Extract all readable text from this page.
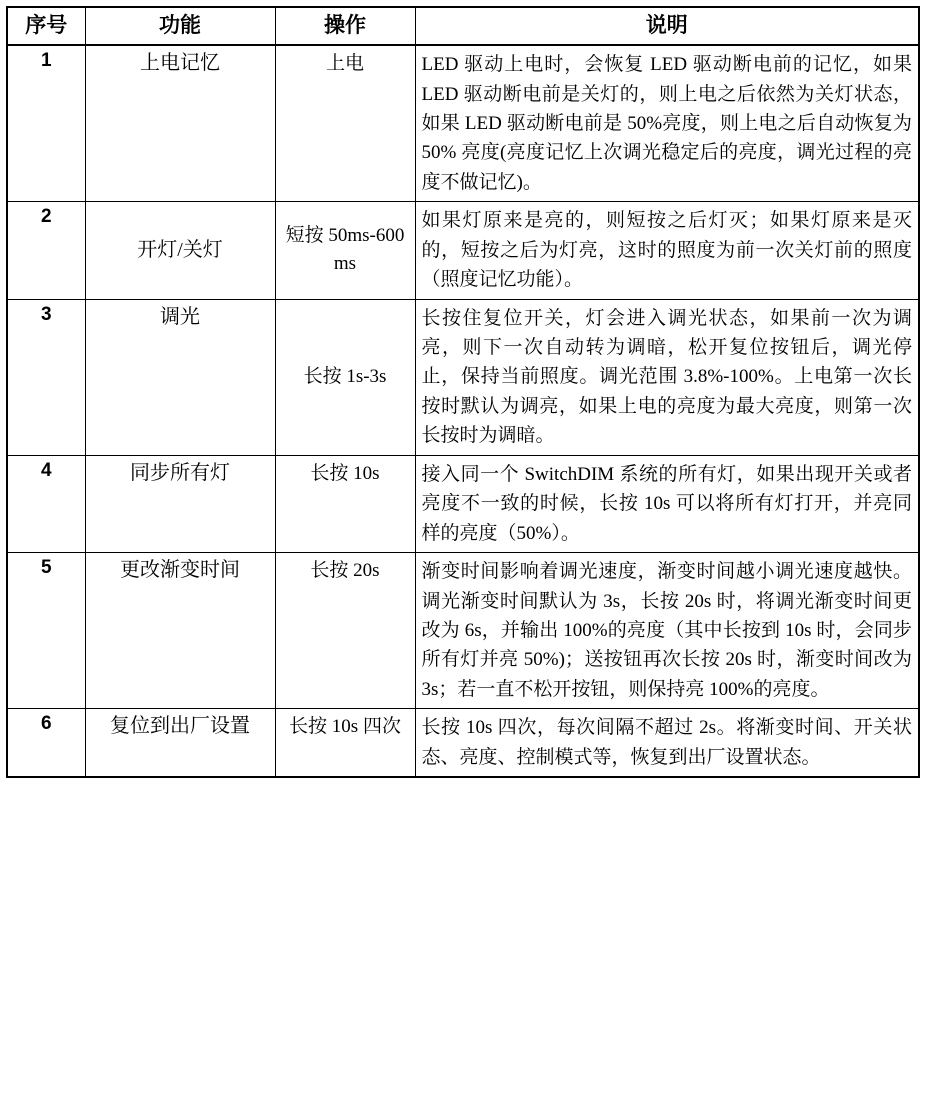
序号	功能	操作	说明
1	上电记忆	上电	LED 驱动上电时，会恢复 LED 驱动断电前的记忆，如果 LED 驱动断电前是关灯的，则上电之后依然为关灯状态，如果 LED 驱动断电前是 50%亮度，则上电之后自动恢复为 50% 亮度(亮度记忆上次调光稳定后的亮度，调光过程的亮度不做记忆)。
2	开灯/关灯	短按 50ms-600 ms	如果灯原来是亮的，则短按之后灯灭；如果灯原来是灭的，短按之后为灯亮，这时的照度为前一次关灯前的照度（照度记忆功能）。
3	调光	长按 1s-3s	长按住复位开关，灯会进入调光状态，如果前一次为调亮，则下一次自动转为调暗，松开复位按钮后，调光停止，保持当前照度。调光范围 3.8%-100%。上电第一次长按时默认为调亮，如果上电的亮度为最大亮度，则第一次长按时为调暗。
4	同步所有灯	长按 10s	接入同一个 SwitchDIM 系统的所有灯，如果出现开关或者亮度不一致的时候，长按 10s 可以将所有灯打开，并亮同样的亮度（50%）。
5	更改渐变时间	长按 20s	渐变时间影响着调光速度，渐变时间越小调光速度越快。调光渐变时间默认为 3s，长按 20s 时，将调光渐变时间更改为 6s，并输出 100%的亮度（其中长按到 10s 时，会同步所有灯并亮 50%)；送按钮再次长按 20s 时，渐变时间改为 3s；若一直不松开按钮，则保持亮 100%的亮度。
6	复位到出厂设置	长按 10s 四次	长按 10s 四次，每次间隔不超过 2s。将渐变时间、开关状态、亮度、控制模式等，恢复到出厂设置状态。
